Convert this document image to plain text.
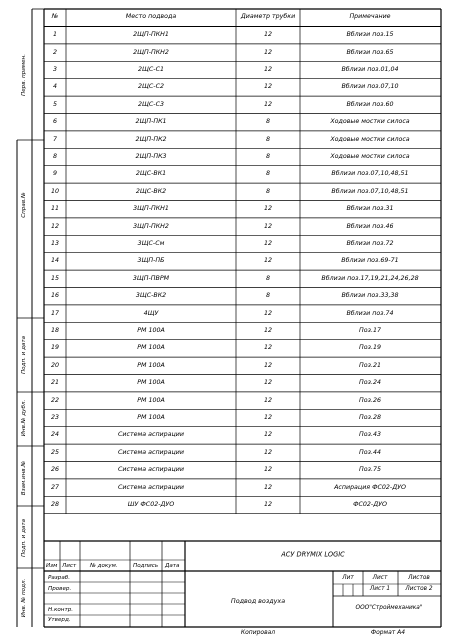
№	Место подвода	Диаметр трубки	Примечание
1	2ЩП-ПКН1	12	Вблизи поз.15
2	2ЩП-ПКН2	12	Вблизи поз.65
3	2ЩС-С1	12	Вблизи поз.01,04
4	2ЩС-С2	12	Вблизи поз.07,10
5	2ЩС-С3	12	Вблизи поз.60
6	2ЩП-ПК1	8	Ходовые мостки силоса
7	2ЩП-ПК2	8	Ходовые мостки силоса
8	2ЩП-ПК3	8	Ходовые мостки силоса
9	2ЩС-ВК1	8	Вблизи поз.07,10,48,51
10	2ЩС-ВК2	8	Вблизи поз.07,10,48,51
11	3ЩП-ПКН1	12	Вблизи поз.31
12	3ЩП-ПКН2	12	Вблизи поз.46
13	3ЩС-См	12	Вблизи поз.72
14	3ЩП-ПБ	12	Вблизи поз.69-71
15	3ЩП-ПВРМ	8	Вблизи поз.17,19,21,24,26,28
16	3ЩС-ВК2	8	Вблизи поз.33,38
17	4ЩУ	12	Вблизи поз.74
18	РМ 100А	12	Поз.17
19	РМ 100А	12	Поз.19
20	РМ 100А	12	Поз.21
21	РМ 100А	12	Поз.24
22	РМ 100А	12	Поз.26
23	РМ 100А	12	Поз.28
24	Система аспирации	12	Поз.43
25	Система аспирации	12	Поз.44
26	Система аспирации	12	Поз.75
27	Система аспирации	12	Аспирация ФС02-ДУО
28	ШУ ФС02-ДУО	12	ФС02-ДУО
Перв. примен.
Справ.№
Подп. и дата
Инв.№ дубл.
Взам.инв.№
Подп. и дата
Инв. № подл.
АСУ DRYMIX LOGIC
Изм Лист № докум.	Подпись Дата
Разраб.
Провер.
Н.контр.
Утверд.
Подвод воздуха
Лит	Лист	Листов
Лист 1	Листов 2
ООО"Строймеханика"
Копировал	Формат А4
